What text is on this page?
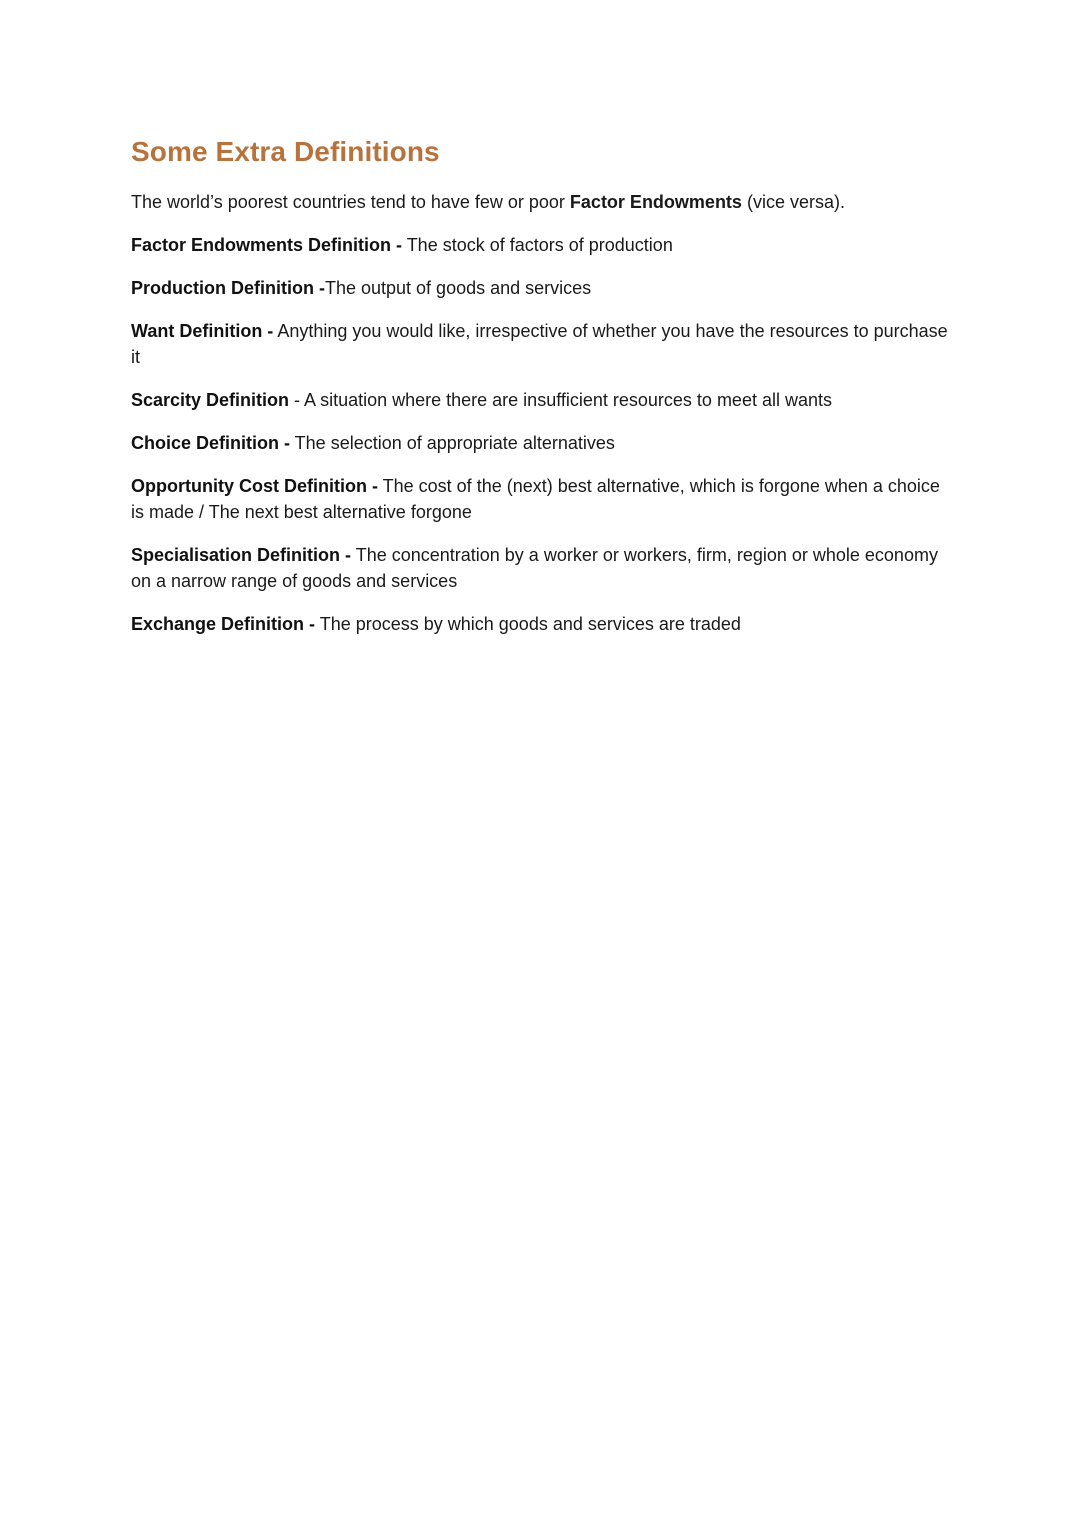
Some Extra Definitions

The world’s poorest countries tend to have few or poor Factor Endowments (vice versa).

Factor Endowments Definition - The stock of factors of production

Production Definition -The output of goods and services

Want Definition - Anything you would like, irrespective of whether you have the resources to purchase it

Scarcity Definition - A situation where there are insufficient resources to meet all wants

Choice Definition - The selection of appropriate alternatives

Opportunity Cost Definition - The cost of the (next) best alternative, which is forgone when a choice is made / The next best alternative forgone

Specialisation Definition - The concentration by a worker or workers, firm, region or whole economy on a narrow range of goods and services

Exchange Definition - The process by which goods and services are traded
